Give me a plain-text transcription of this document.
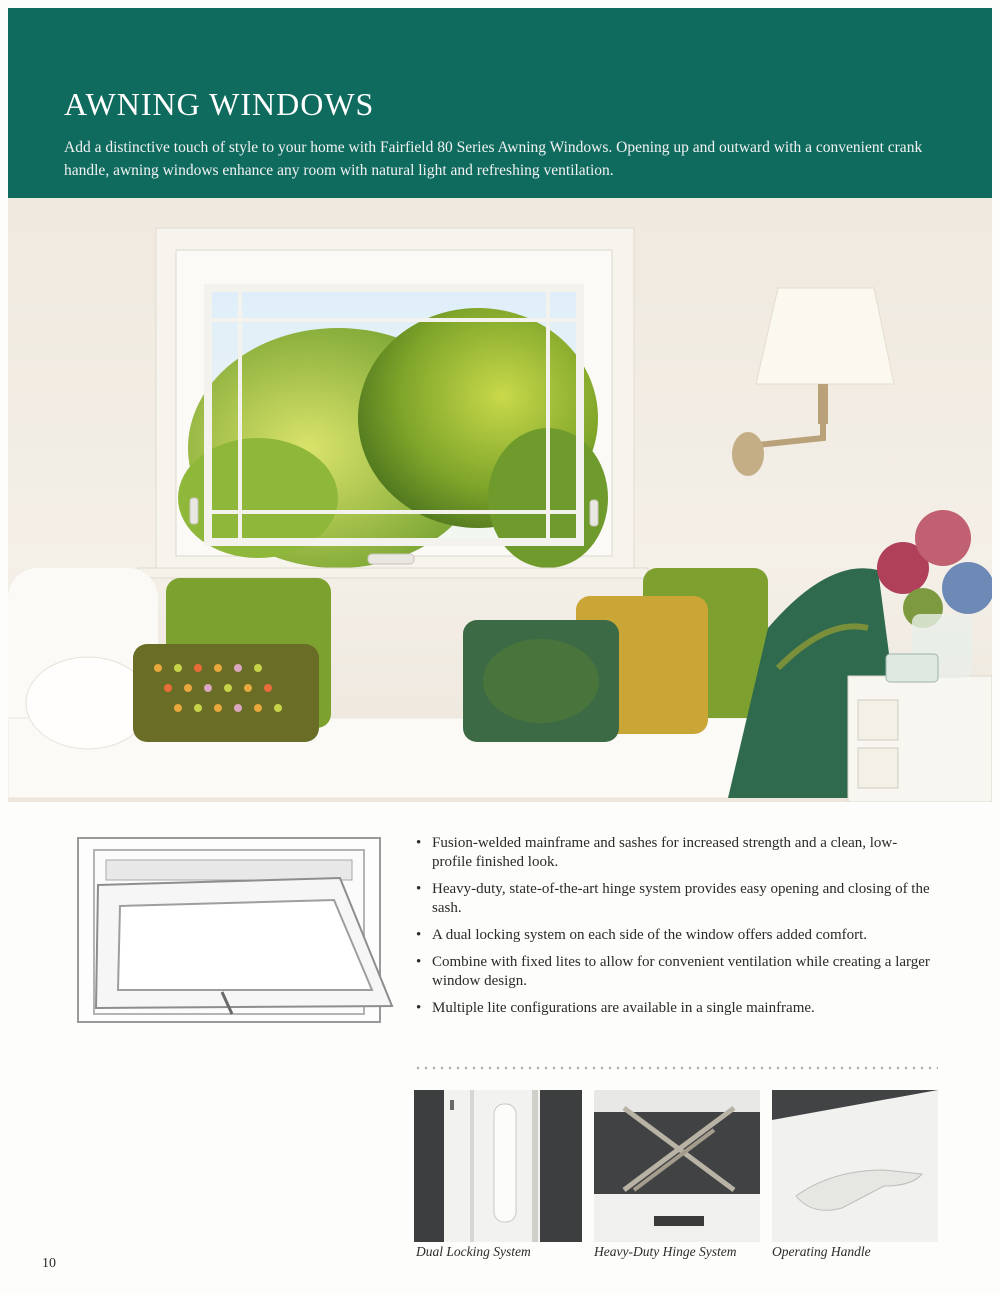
AWNING WINDOWS

Add a distinctive touch of style to your home with Fairfield 80 Series Awning Windows. Opening up and outward with a convenient crank handle, awning windows enhance any room with natural light and refreshing ventilation.

• Fusion-welded mainframe and sashes for increased strength and a clean, low-profile finished look.
• Heavy-duty, state-of-the-art hinge system provides easy opening and closing of the sash.
• A dual locking system on each side of the window offers added comfort.
• Combine with fixed lites to allow for convenient ventilation while creating a larger window design.
• Multiple lite configurations are available in a single mainframe.
Dual Locking System	Heavy-Duty Hinge System	Operating Handle
10
